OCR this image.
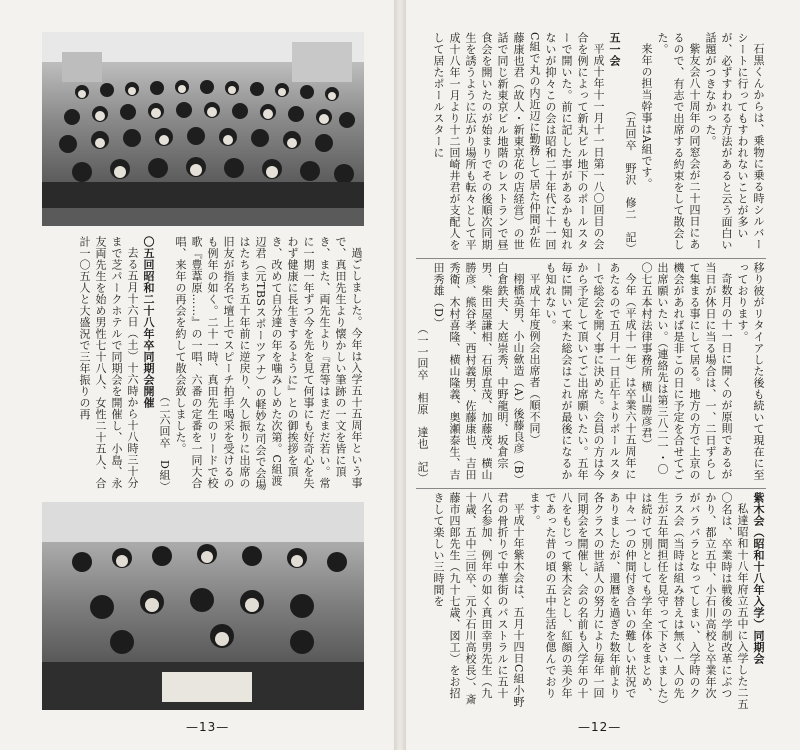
過ごしました。今年は入学五十五周年という事で、真田先生より懐かしい筆跡の一文を皆に頂き、また、両先生より『君等はまだまだ若い。常に一期一年ずつ今を先を見て何事にも好奇心を失わず健康に長生きするように』との御挨拶を頂き、改めて自分達の年を噛みしめた次第。C組渡辺君（元TBSスポーツアナ）の軽妙な司会で会場はたちまち五十年前に逆戻り、久し振りに出席の旧友が指名で壇上でスピーチ拍手喝采を受けるのも例年の如く。二十一時、真田先生のリードで校歌『豊葦原……』の一唱、六番の定番を一同大合唱、来年の再会を約して散会致しました。

（二六回卒　D組）

〇五回昭和二十八年卒同期会開催

去る五月十六日（土）十六時から十八時三十分まで芝パークホテルで同期会を開催し、小島、永友両先生を始め男性七十八人、女性二十五人、合計一〇五人と大盛況で三年振りの再

—13—

石黒くんからは、乗物に乗る時シルバーシートに行ってもすわれないことが多いが、必ずすわれる方法があると云う面白い話題がつきなかった。

紫友会八十周年の同窓会が二十四日にあるので、有志で出席する約束をして散会した。

来年の担当幹事はA組です。

（五回卒　野沢　修二　記）

五一会

平成十年十一月十一日第一八〇回目の会合を例によって新丸ビル地下のポールスターで開いた。前に記した事があるかも知れないが抑々この会は昭和二十年代に十一回C組で丸の内近辺に勤務して居た仲間が佐藤康也君（故人・新東京花の店経営）の世話で同じ新東京ビル地階のレストランで昼食会を開いたのが始まりでその後順次同期生を誘うように広がり場所も転々として平成十八年一月より十二回崎井君が支配人をして居たポールスターに

移り彼がリタイアした後も続いて現在に至っております。

奇数月の十一日に開くのが原則であるが当日が休日に当る場合は、一、二日ずらして集まる事にして居る。地方の方で上京の機会があれば是非この日に予定を合せてご出席願いたい。（連絡先は第三八二一・〇〇七五本村法律事務所 横山勝彦君）

今年（平成十一年）は卒業六十五周年にあたるので五月十一日正午よりポールスターで総会を開く事に決めた。会員の方は今から予定して頂いてご出席願いたい。五年毎に開いて来た総会はこれが最後になるかも知れない。

平成十年度例会出席者（順不同）

栩橋英男、小山歛造（A）後藤良彦（B）白倉鉄夫、大庭崇秀、中野龍明、坂倉宗男、柴田屋謙相、石原直茂、加藤茂、横山勝彦、熊谷孝、西村義男、佐藤康也、吉田秀衛、木村喜隆、横山隆義、奥瀬泰生、吉田秀雄（D）

（一一回卒　相原　達也　記）

紫木会（昭和十八年入学）同期会

私達昭和十八年府立五中に入学した二五〇名は、卒業時は戦後の学制改革にぶつかり、都立五中、小石川高校と卒業年次がバラバラとなってしまい、入学時のクラス会（当時は組み替えは無く一人の先生が五年間担任を見守って下さいました）は続けて別としても学年全体をまとめ、中々一つの仲間付き合いの難しい状況でありましたが、還暦を過ぎた数年前より各クラスの世話人の努力により毎年一回同期会を開催し、会の名前も入学年の十八をもじって紫木会とし、紅顔の美少年であった昔の頃の五中生活を偲んでおります。

平成十年紫木会は、五月十四日C組小野君の骨折りで中華街のパストラルに五十八名参加、例年の如く真田幸男先生（九十歳、五中三回卒、元小石川高校長）、斎藤市四郎先生（九十七歳、図工）をお招きして楽しい三時間を

—12—
